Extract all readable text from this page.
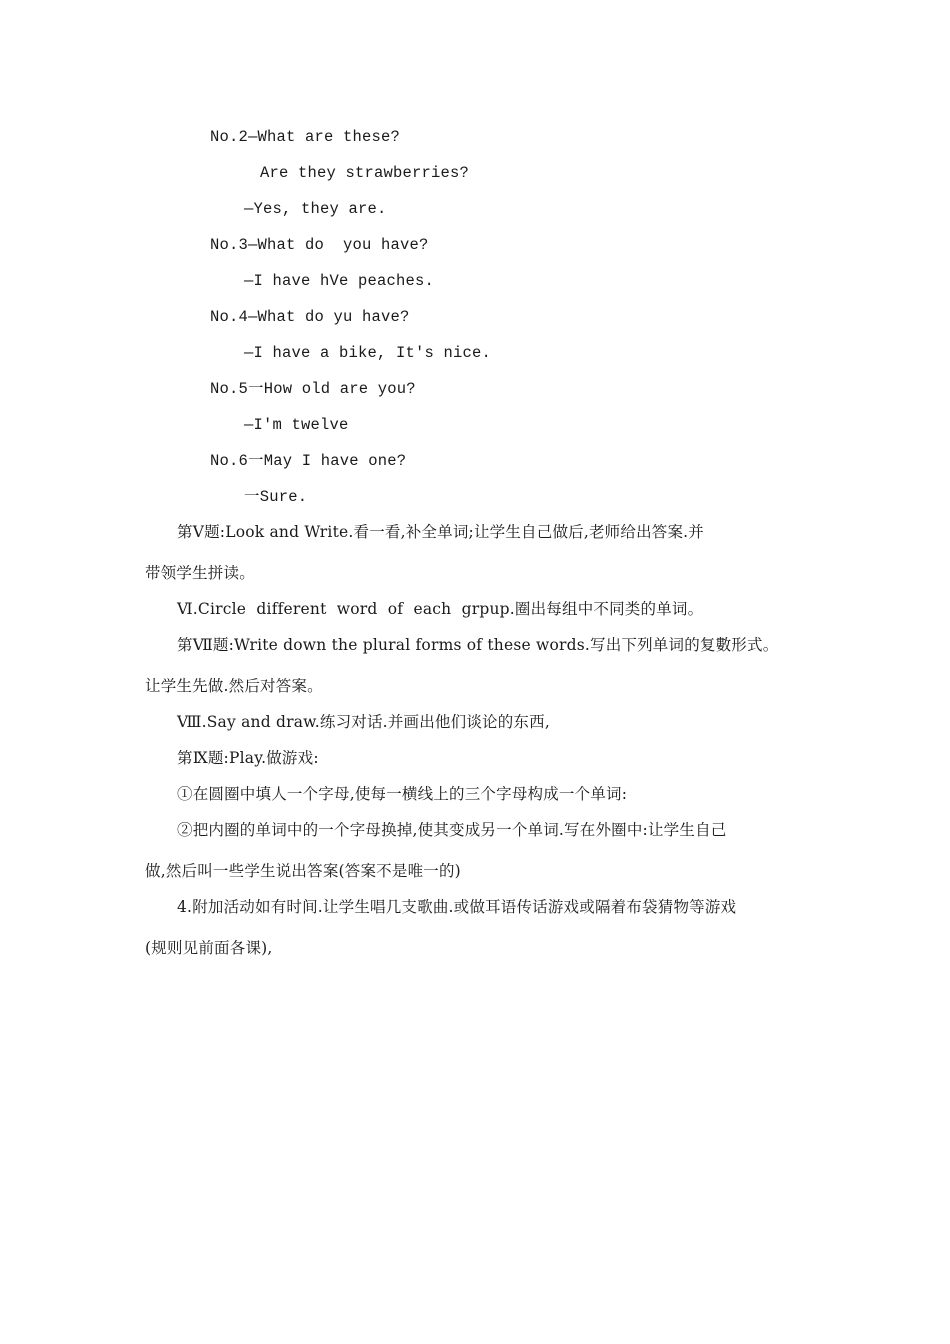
No.2—What are these?
Are they strawberries?
—Yes, they are.
No.3—What do  you have?
—I have hVe peaches.
No.4—What do yu have?
—I have a bike, It's nice.
No.5一How old are you?
—I'm twelve
No.6一May I have one?
一Sure.
第Ⅴ题:Look and Write.看一看,补全单词;让学生自己做后,老师给出答案.并
带领学生拼读。
Ⅵ.Circle  different  word  of  each  grpup.圈出每组中不同类的单词。
第Ⅶ题:Write down the plural forms of these words.写出下列单词的复數形式。
让学生先做.然后对答案。
Ⅷ.Say and draw.练习对话.并画出他们谈论的东西,
第Ⅸ题:Play.做游戏:
①在圆圈中填人一个字母,使每一横线上的三个字母构成一个单词:
②把内圈的单词中的一个字母换掉,使其变成另一个单词.写在外圈中:让学生自己
做,然后叫一些学生说出答案(答案不是唯一的)
4.附加活动如有时间.让学生唱几支歌曲.或做耳语传话游戏或隔着布袋猜物等游戏
(规则见前面各课),
